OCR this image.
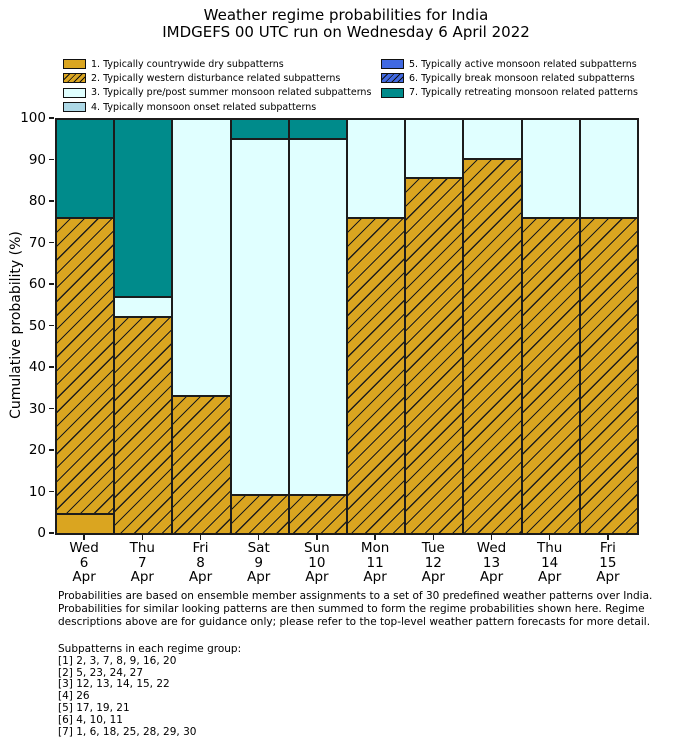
Weather regime probabilities for India
IMDGEFS 00 UTC run on Wednesday 6 April 2022
1. Typically countrywide dry subpatterns
2. Typically western disturbance related subpatterns
3. Typically pre/post summer monsoon related subpatterns
4. Typically monsoon onset related subpatterns
5. Typically active monsoon related subpatterns
6. Typically break monsoon related subpatterns
7. Typically retreating monsoon related patterns
Cumulative probability (%)
0
10
20
30
40
50
60
70
80
90
100
Wed
6
Apr
Thu
7
Apr
Fri
8
Apr
Sat
9
Apr
Sun
10
Apr
Mon
11
Apr
Tue
12
Apr
Wed
13
Apr
Thu
14
Apr
Fri
15
Apr
Probabilities are based on ensemble member assignments to a set of 30 predefined weather patterns over India.
Probabilities for similar looking patterns are then summed to form the regime probabilities shown here. Regime
descriptions above are for guidance only; please refer to the top-level weather pattern forecasts for more detail.
Subpatterns in each regime group:
[1] 2, 3, 7, 8, 9, 16, 20
[2] 5, 23, 24, 27
[3] 12, 13, 14, 15, 22
[4] 26
[5] 17, 19, 21
[6] 4, 10, 11
[7] 1, 6, 18, 25, 28, 29, 30
